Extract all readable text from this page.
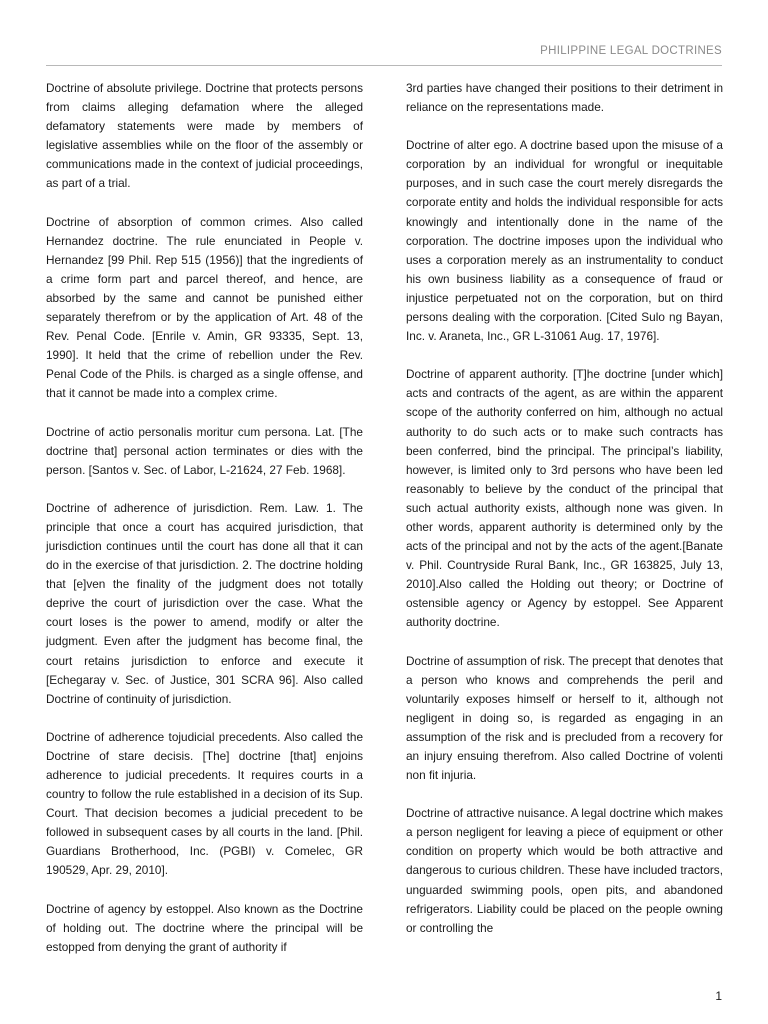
PHILIPPINE LEGAL DOCTRINES

Doctrine of absolute privilege. Doctrine that protects persons from claims alleging defamation where the alleged defamatory statements were made by members of legislative assemblies while on the floor of the assembly or communications made in the context of judicial proceedings, as part of a trial.

Doctrine of absorption of common crimes. Also called Hernandez doctrine. The rule enunciated in People v. Hernandez [99 Phil. Rep 515 (1956)] that the ingredients of a crime form part and parcel thereof, and hence, are absorbed by the same and cannot be punished either separately therefrom or by the application of Art. 48 of the Rev. Penal Code. [Enrile v. Amin, GR 93335, Sept. 13, 1990]. It held that the crime of rebellion under the Rev. Penal Code of the Phils. is charged as a single offense, and that it cannot be made into a complex crime.

Doctrine of actio personalis moritur cum persona. Lat. [The doctrine that] personal action terminates or dies with the person. [Santos v. Sec. of Labor, L-21624, 27 Feb. 1968].

Doctrine of adherence of jurisdiction. Rem. Law. 1. The principle that once a court has acquired jurisdiction, that jurisdiction continues until the court has done all that it can do in the exercise of that jurisdiction. 2. The doctrine holding that [e]ven the finality of the judgment does not totally deprive the court of jurisdiction over the case. What the court loses is the power to amend, modify or alter the judgment. Even after the judgment has become final, the court retains jurisdiction to enforce and execute it [Echegaray v. Sec. of Justice, 301 SCRA 96]. Also called Doctrine of continuity of jurisdiction.

Doctrine of adherence tojudicial precedents. Also called the Doctrine of stare decisis. [The] doctrine [that] enjoins adherence to judicial precedents. It requires courts in a country to follow the rule established in a decision of its Sup. Court. That decision becomes a judicial precedent to be followed in subsequent cases by all courts in the land. [Phil. Guardians Brotherhood, Inc. (PGBI) v. Comelec, GR 190529, Apr. 29, 2010].

Doctrine of agency by estoppel. Also known as the Doctrine of holding out. The doctrine where the principal will be estopped from denying the grant of authority if

3rd parties have changed their positions to their detriment in reliance on the representations made.

Doctrine of alter ego. A doctrine based upon the misuse of a corporation by an individual for wrongful or inequitable purposes, and in such case the court merely disregards the corporate entity and holds the individual responsible for acts knowingly and intentionally done in the name of the corporation. The doctrine imposes upon the individual who uses a corporation merely as an instrumentality to conduct his own business liability as a consequence of fraud or injustice perpetuated not on the corporation, but on third persons dealing with the corporation. [Cited Sulo ng Bayan, Inc. v. Araneta, Inc., GR L-31061 Aug. 17, 1976].

Doctrine of apparent authority. [T]he doctrine [under which] acts and contracts of the agent, as are within the apparent scope of the authority conferred on him, although no actual authority to do such acts or to make such contracts has been conferred, bind the principal. The principal’s liability, however, is limited only to 3rd persons who have been led reasonably to believe by the conduct of the principal that such actual authority exists, although none was given. In other words, apparent authority is determined only by the acts of the principal and not by the acts of the agent.[Banate v. Phil. Countryside Rural Bank, Inc., GR 163825, July 13, 2010].Also called the Holding out theory; or Doctrine of ostensible agency or Agency by estoppel. See Apparent authority doctrine.

Doctrine of assumption of risk. The precept that denotes that a person who knows and comprehends the peril and voluntarily exposes himself or herself to it, although not negligent in doing so, is regarded as engaging in an assumption of the risk and is precluded from a recovery for an injury ensuing therefrom. Also called Doctrine of volenti non fit injuria.

Doctrine of attractive nuisance. A legal doctrine which makes a person negligent for leaving a piece of equipment or other condition on property which would be both attractive and dangerous to curious children. These have included tractors, unguarded swimming pools, open pits, and abandoned refrigerators. Liability could be placed on the people owning or controlling the

1
